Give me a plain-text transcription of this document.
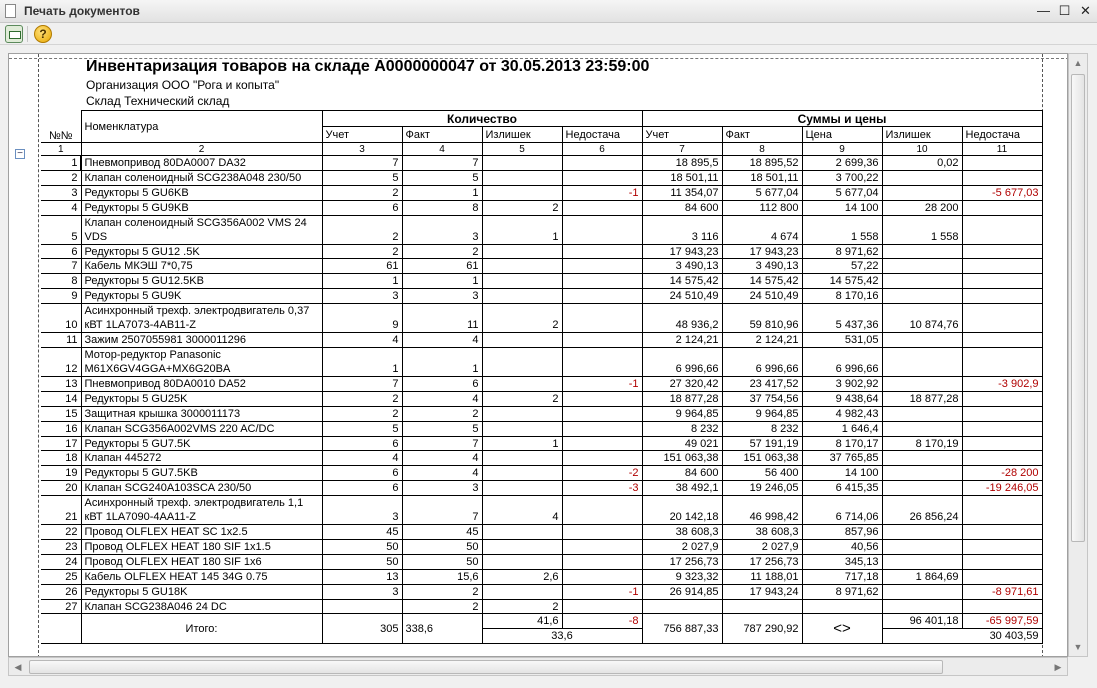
Печать документов	— ☐ ✕
?
−
Инвентаризация товаров на складе А0000000047 от 30.05.2013 23:59:00
Организация ООО "Рога и копыта"
Склад Технический склад
№№	Номенклатура	Количество				Суммы и цены				
		Учет	Факт	Излишек	Недостача	Учет	Факт	Цена	Излишек	Недостача
1	2	3	4	5	6	7	8	9	10	11
1	Пневмопривод 80DA0007 DA32	7	7			18 895,5	18 895,52	2 699,36	0,02	
2	Клапан соленоидный SCG238A048 230/50	5	5			18 501,11	18 501,11	3 700,22		
3	Редукторы 5 GU6KB	2	1		-1	11 354,07	5 677,04	5 677,04		-5 677,03
4	Редукторы 5 GU9KB	6	8	2		84 600	112 800	14 100	28 200	
5	Клапан соленоидный SCG356A002 VMS 24 VDS	2	3	1		3 116	4 674	1 558	1 558	
6	Редукторы 5 GU12 .5K	2	2			17 943,23	17 943,23	8 971,62		
7	Кабель МКЭШ 7*0,75	61	61			3 490,13	3 490,13	57,22		
8	Редукторы 5 GU12.5KB	1	1			14 575,42	14 575,42	14 575,42		
9	Редукторы 5 GU9K	3	3			24 510,49	24 510,49	8 170,16		
10	Асинхронный трехф. электродвигатель 0,37 кВТ 1LA7073-4AB11-Z	9	11	2		48 936,2	59 810,96	5 437,36	10 874,76	
11	Зажим 2507055981 3000011296	4	4			2 124,21	2 124,21	531,05		
12	Мотор-редуктор Panasonic M61X6GV4GGA+MX6G20BA	1	1			6 996,66	6 996,66	6 996,66		
13	Пневмопривод 80DA0010 DA52	7	6		-1	27 320,42	23 417,52	3 902,92		-3 902,9
14	Редукторы 5 GU25K	2	4	2		18 877,28	37 754,56	9 438,64	18 877,28	
15	Защитная крышка 3000011173	2	2			9 964,85	9 964,85	4 982,43		
16	Клапан SCG356A002VMS 220 AC/DC	5	5			8 232	8 232	1 646,4		
17	Редукторы 5 GU7.5K	6	7	1		49 021	57 191,19	8 170,17	8 170,19	
18	Клапан 445272	4	4			151 063,38	151 063,38	37 765,85		
19	Редукторы 5 GU7.5KB	6	4		-2	84 600	56 400	14 100		-28 200
20	Клапан SCG240A103SCA 230/50	6	3		-3	38 492,1	19 246,05	6 415,35		-19 246,05
21	Асинхронный трехф. электродвигатель 1,1 кВТ 1LA7090-4AA11-Z	3	7	4		20 142,18	46 998,42	6 714,06	26 856,24	
22	Провод OLFLEX HEAT SC 1x2.5	45	45			38 608,3	38 608,3	857,96		
23	Провод OLFLEX HEAT 180 SIF 1x1.5	50	50			2 027,9	2 027,9	40,56		
24	Провод OLFLEX HEAT 180 SIF 1x6	50	50			17 256,73	17 256,73	345,13		
25	Кабель OLFLEX HEAT 145 34G 0.75	13	15,6	2,6		9 323,32	11 188,01	717,18	1 864,69	
26	Редукторы 5 GU18K	3	2		-1	26 914,85	17 943,24	8 971,62		-8 971,61
27	Клапан SCG238A046 24 DC		2	2						
	Итого:	305	338,6	41,6	-8	756 887,33	787 290,92	<>	96 401,18	-65 997,59
				33,6					30 403,59	
▲
▼
◀	▶
